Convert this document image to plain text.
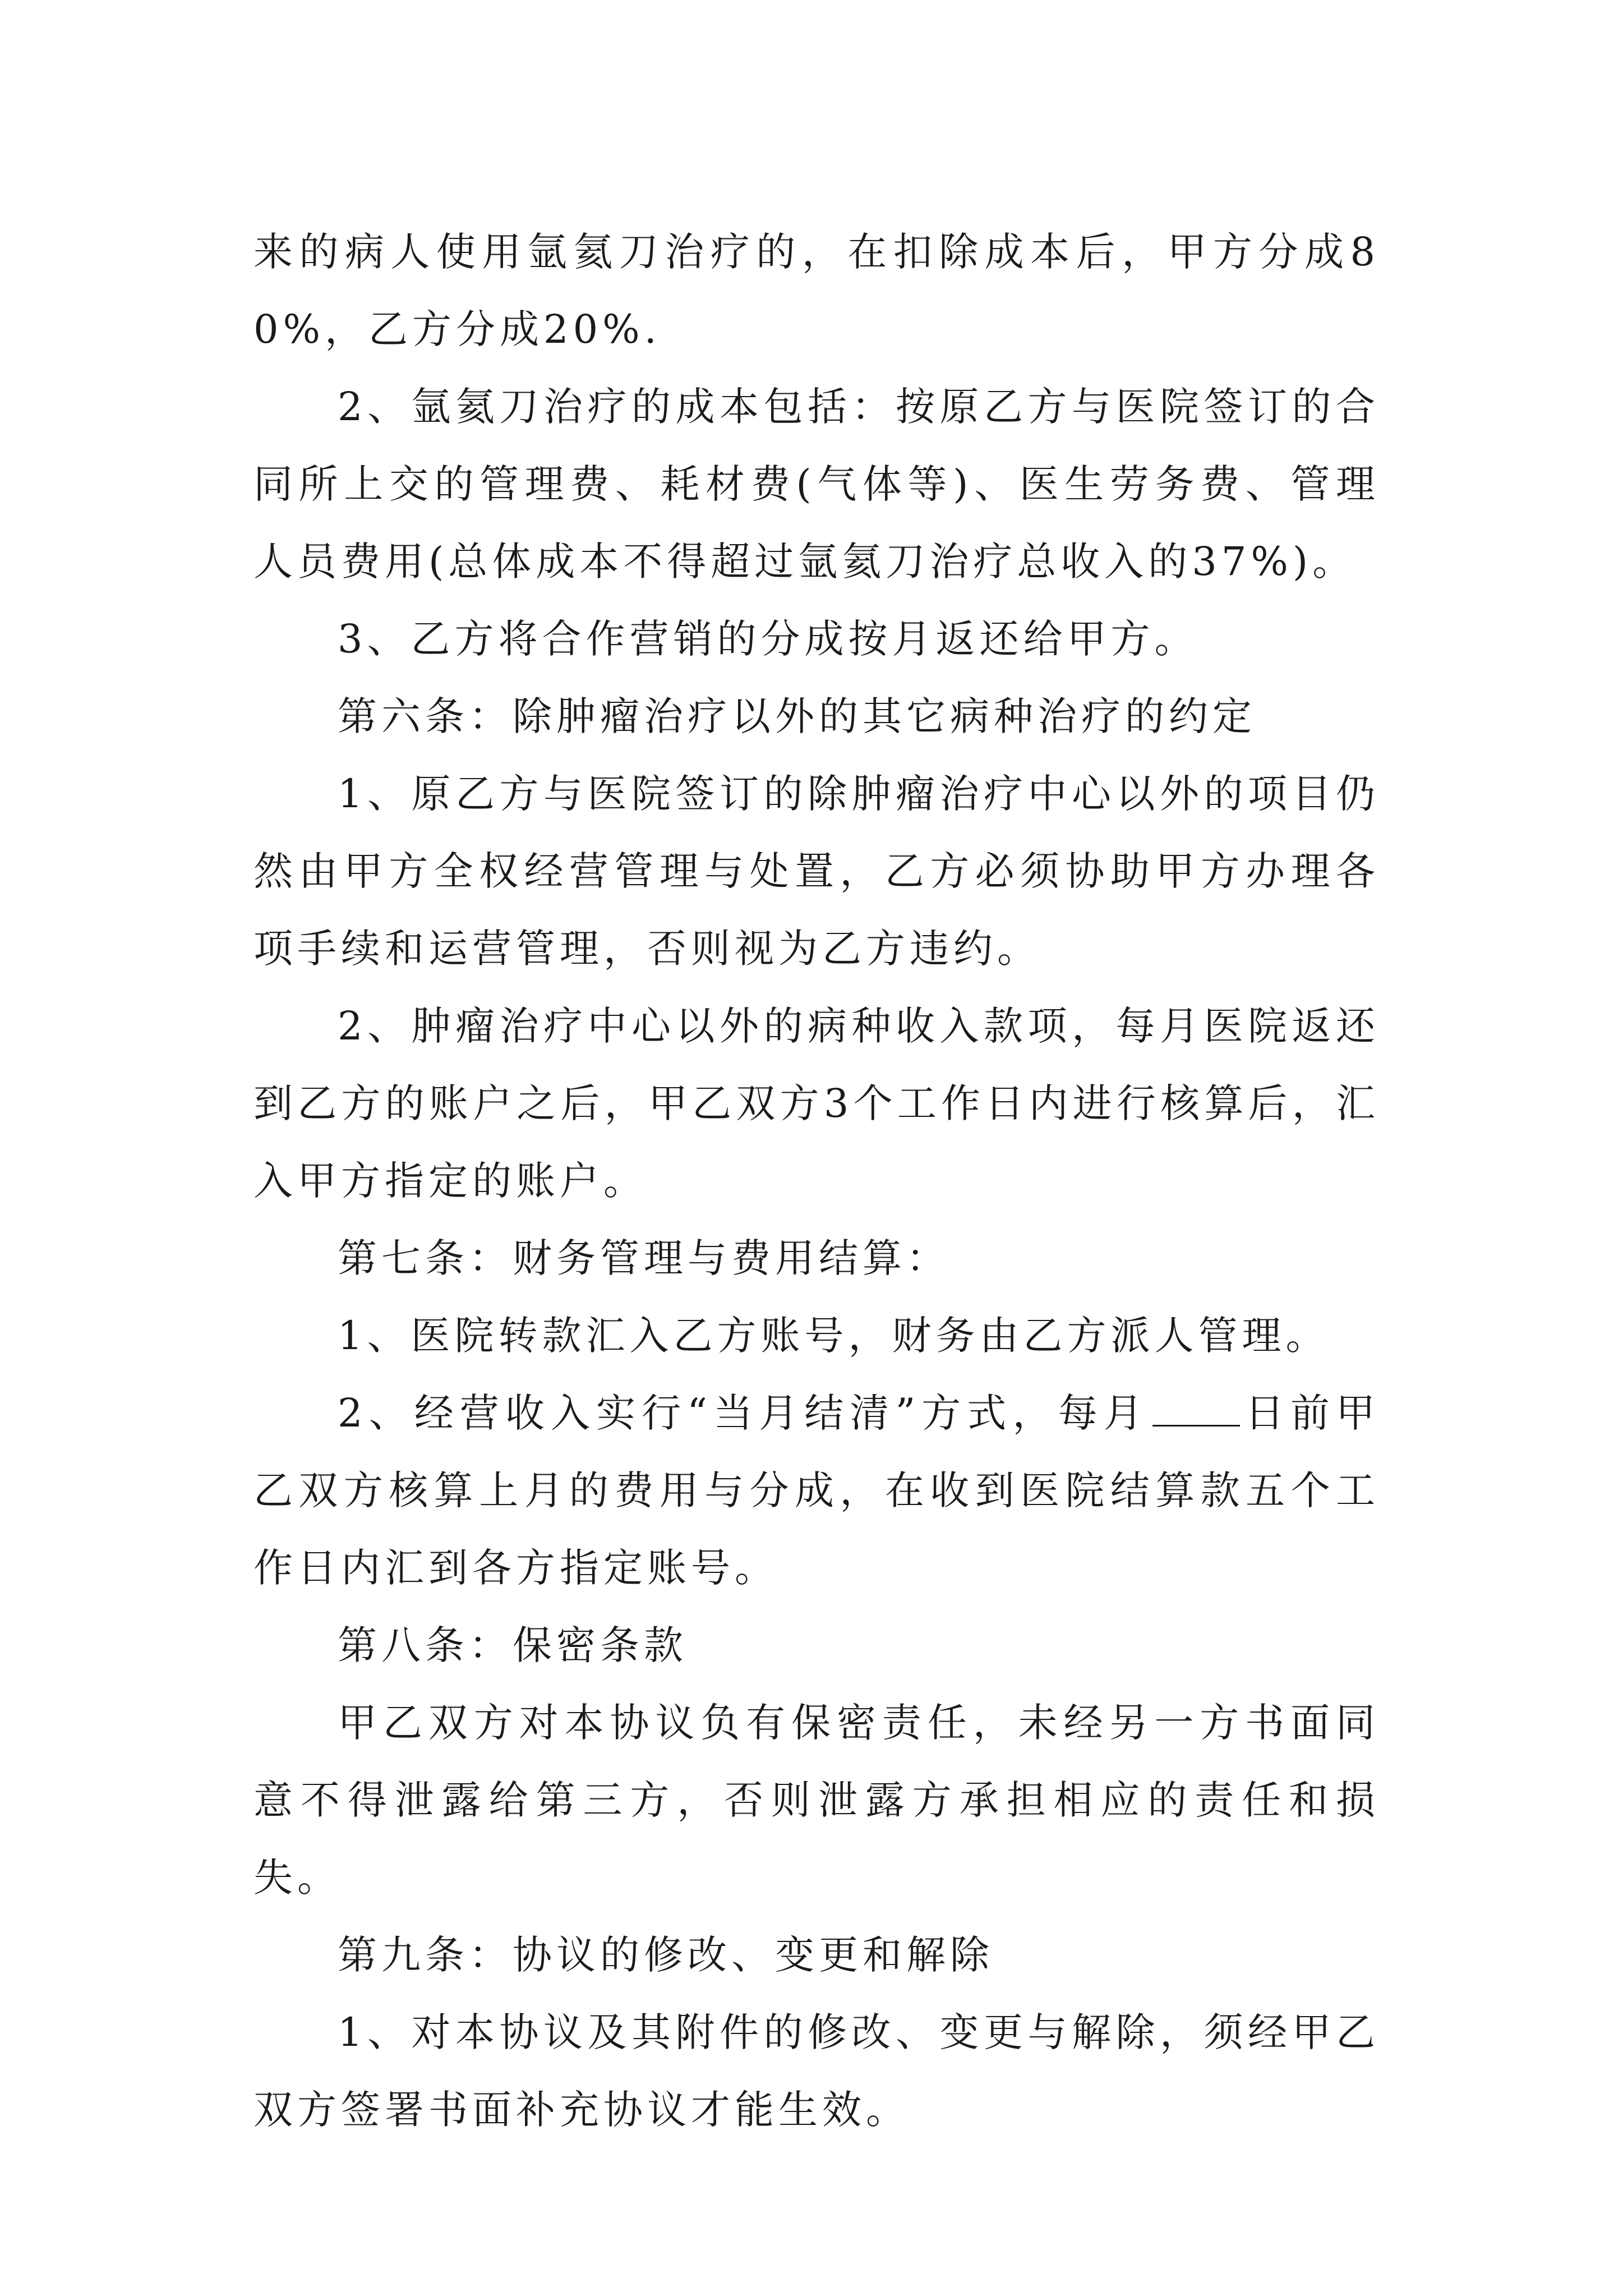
来的病人使用氩氦刀治疗的，在扣除成本后，甲方分成80%，乙方分成20%.

2、氩氦刀治疗的成本包括：按原乙方与医院签订的合同所上交的管理费、耗材费(气体等)、医生劳务费、管理人员费用(总体成本不得超过氩氦刀治疗总收入的37%)。

3、乙方将合作营销的分成按月返还给甲方。

第六条：除肿瘤治疗以外的其它病种治疗的约定

1、原乙方与医院签订的除肿瘤治疗中心以外的项目仍然由甲方全权经营管理与处置，乙方必须协助甲方办理各项手续和运营管理，否则视为乙方违约。

2、肿瘤治疗中心以外的病种收入款项，每月医院返还到乙方的账户之后，甲乙双方3个工作日内进行核算后，汇入甲方指定的账户。

第七条：财务管理与费用结算：

1、医院转款汇入乙方账号，财务由乙方派人管理。

2、经营收入实行“当月结清”方式，每月 日前甲乙双方核算上月的费用与分成，在收到医院结算款五个工作日内汇到各方指定账号。

第八条：保密条款

甲乙双方对本协议负有保密责任，未经另一方书面同意不得泄露给第三方，否则泄露方承担相应的责任和损失。

第九条：协议的修改、变更和解除

1、对本协议及其附件的修改、变更与解除，须经甲乙双方签署书面补充协议才能生效。
